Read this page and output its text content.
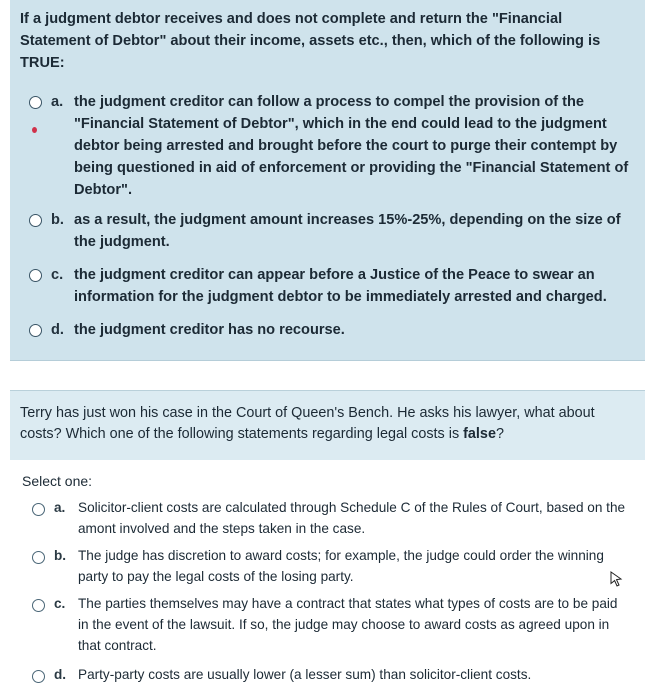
If a judgment debtor receives and does not complete and return the "Financial Statement of Debtor" about their income, assets etc., then, which of the following is TRUE:
a. the judgment creditor can follow a process to compel the provision of the "Financial Statement of Debtor", which in the end could lead to the judgment debtor being arrested and brought before the court to purge their contempt by being questioned in aid of enforcement or providing the "Financial Statement of Debtor".
b. as a result, the judgment amount increases 15%-25%, depending on the size of the judgment.
c. the judgment creditor can appear before a Justice of the Peace to swear an information for the judgment debtor to be immediately arrested and charged.
d. the judgment creditor has no recourse.
Terry has just won his case in the Court of Queen's Bench. He asks his lawyer, what about costs? Which one of the following statements regarding legal costs is false?
Select one:
a. Solicitor-client costs are calculated through Schedule C of the Rules of Court, based on the amont involved and the steps taken in the case.
b. The judge has discretion to award costs; for example, the judge could order the winning party to pay the legal costs of the losing party.
c. The parties themselves may have a contract that states what types of costs are to be paid in the event of the lawsuit. If so, the judge may choose to award costs as agreed upon in that contract.
d. Party-party costs are usually lower (a lesser sum) than solicitor-client costs.
